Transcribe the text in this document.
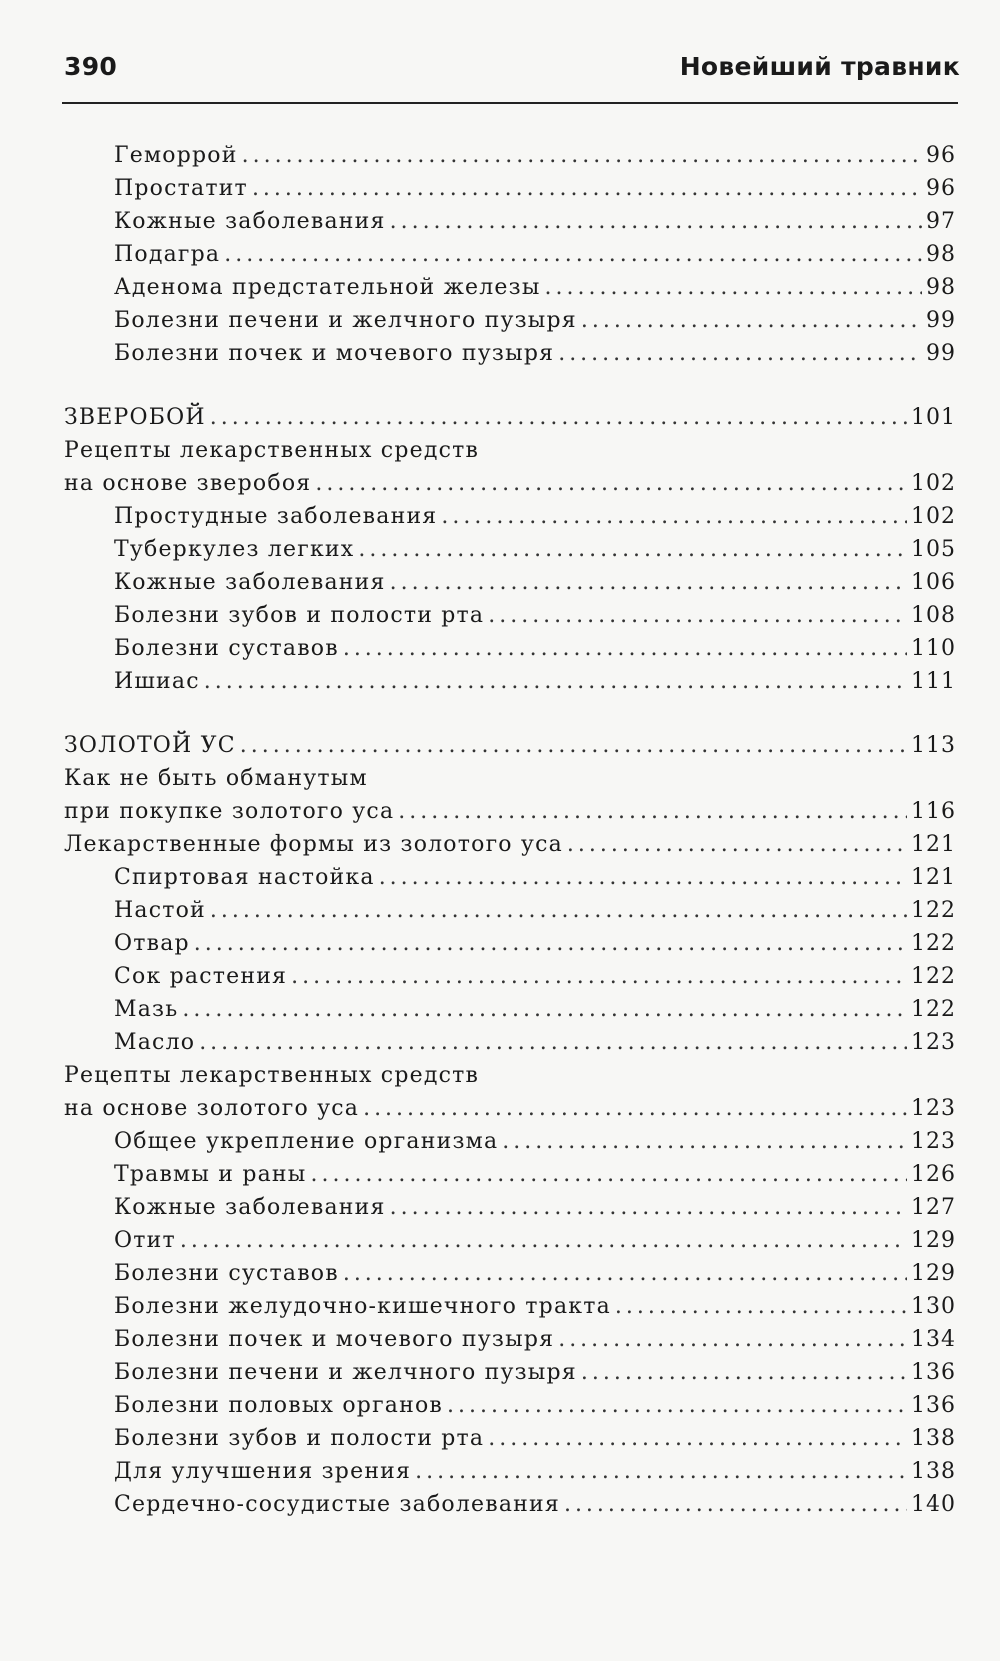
390	Новейший травник
Геморрой . . .	96
Простатит . . .	96
Кожные заболевания . . .	97
Подагра . . .	98
Аденома предстательной железы . . .	98
Болезни печени и желчного пузыря . . .	99
Болезни почек и мочевого пузыря . . .	99
ЗВЕРОБОЙ . . .	101
Рецепты лекарственных средств
на основе зверобоя . . .	102
Простудные заболевания . . .	102
Туберкулез легких . . .	105
Кожные заболевания . . .	106
Болезни зубов и полости рта . . .	108
Болезни суставов . . .	110
Ишиас . . .	111
ЗОЛОТОЙ УС . . .	113
Как не быть обманутым
при покупке золотого уса . . .	116
Лекарственные формы из золотого уса . . .	121
Спиртовая настойка . . .	121
Настой . . .	122
Отвар . . .	122
Сок растения . . .	122
Мазь . . .	122
Масло . . .	123
Рецепты лекарственных средств
на основе золотого уса . . .	123
Общее укрепление организма . . .	123
Травмы и раны . . .	126
Кожные заболевания . . .	127
Отит . . .	129
Болезни суставов . . .	129
Болезни желудочно-кишечного тракта . . .	130
Болезни почек и мочевого пузыря . . .	134
Болезни печени и желчного пузыря . . .	136
Болезни половых органов . . .	136
Болезни зубов и полости рта . . .	138
Для улучшения зрения . . .	138
Сердечно-сосудистые заболевания . . .	140
